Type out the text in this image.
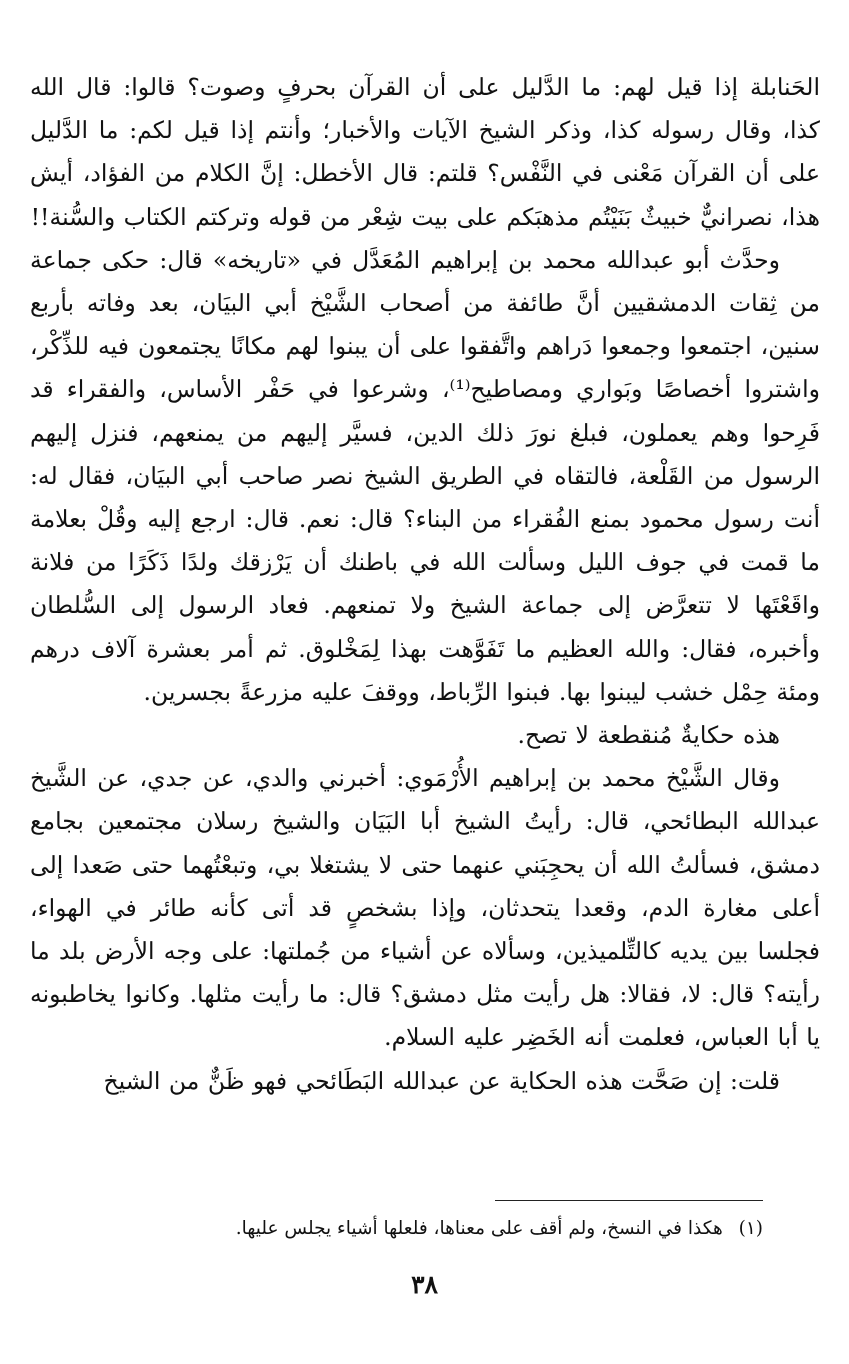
الحَنابلة إذا قيل لهم: ما الدَّليل على أن القرآن بحرفٍ وصوت؟ قالوا: قال الله كذا، وقال رسوله كذا، وذكر الشيخ الآيات والأخبار؛ وأنتم إذا قيل لكم: ما الدَّليل على أن القرآن مَعْنى في النَّفْس؟ قلتم: قال الأخطل: إنَّ الكلام من الفؤاد، أيش هذا، نصرانيٌّ خبيثٌ بَنَيْتُم مذهبَكم على بيت شِعْر من قوله وتركتم الكتاب والسُّنة!!

وحدَّث أبو عبدالله محمد بن إبراهيم المُعَدَّل في «تاريخه» قال: حكى جماعة من ثِقات الدمشقيين أنَّ طائفة من أصحاب الشَّيْخ أبي البيَان، بعد وفاته بأربع سنين، اجتمعوا وجمعوا دَراهم واتَّفقوا على أن يبنوا لهم مكانًا يجتمعون فيه للذِّكْر، واشتروا أخصاصًا وبَواري ومصاطيح⁽¹⁾، وشرعوا في حَفْر الأساس، والفقراء قد فَرِحوا وهم يعملون، فبلغ نورَ ذلك الدين، فسيَّر إليهم من يمنعهم، فنزل إليهم الرسول من القَلْعة، فالتقاه في الطريق الشيخ نصر صاحب أبي البيَان، فقال له: أنت رسول محمود بمنع الفُقراء من البناء؟ قال: نعم. قال: ارجع إليه وقُلْ بعلامة ما قمت في جوف الليل وسألت الله في باطنك أن يَرْزقك ولدًا ذَكَرًا من فلانة واقَعْتَها لا تتعرَّض إلى جماعة الشيخ ولا تمنعهم. فعاد الرسول إلى السُّلطان وأخبره، فقال: والله العظيم ما تَفَوَّهت بهذا لِمَخْلوق. ثم أمر بعشرة آلاف درهم ومئة حِمْل خشب ليبنوا بها. فبنوا الرِّباط، ووقفَ عليه مزرعةً بجسرين.

هذه حكايةٌ مُنقطعة لا تصح.

وقال الشَّيْخ محمد بن إبراهيم الأُرْمَوي: أخبرني والدي، عن جدي، عن الشَّيخ عبدالله البطائحي، قال: رأيتُ الشيخ أبا البَيَان والشيخ رسلان مجتمعين بجامع دمشق، فسألتُ الله أن يحجِبَني عنهما حتى لا يشتغلا بي، وتبعْتُهما حتى صَعدا إلى أعلى مغارة الدم، وقعدا يتحدثان، وإذا بشخصٍ قد أتى كأنه طائر في الهواء، فجلسا بين يديه كالتِّلميذين، وسألاه عن أشياء من جُملتها: على وجه الأرض بلد ما رأيته؟ قال: لا، فقالا: هل رأيت مثل دمشق؟ قال: ما رأيت مثلها. وكانوا يخاطبونه يا أبا العباس، فعلمت أنه الخَضِر عليه السلام.

قلت: إن صَحَّت هذه الحكاية عن عبدالله البَطَائحي فهو ظَنٌّ من الشيخ

(١) هكذا في النسخ، ولم أقف على معناها، فلعلها أشياء يجلس عليها.
٣٨
